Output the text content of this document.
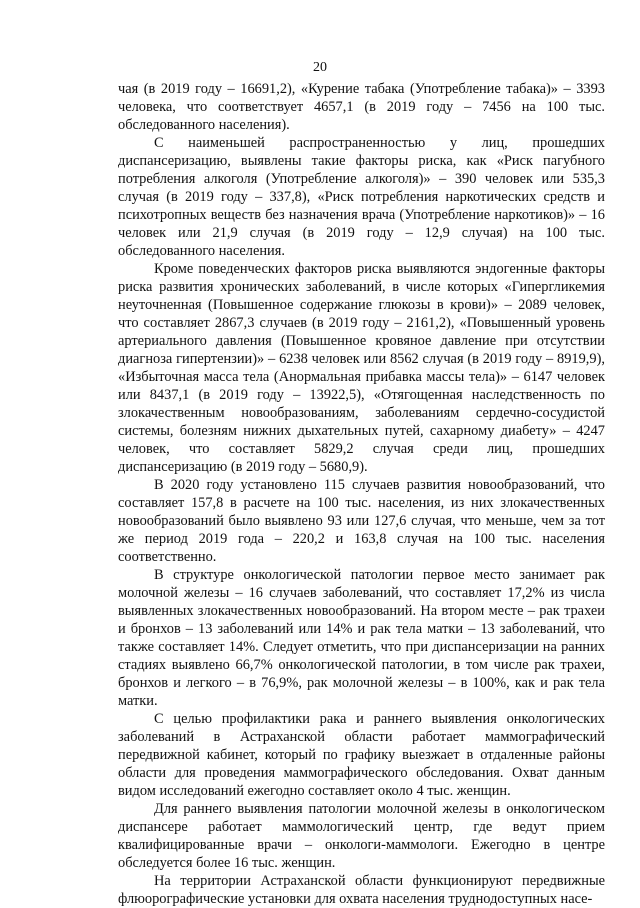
20

чая (в 2019 году – 16691,2), «Курение табака (Употребление табака)» – 3393 человека, что соответствует 4657,1 (в 2019 году – 7456 на 100 тыс. обследованного населения).

С наименьшей распространенностью у лиц, прошедших диспансеризацию, выявлены такие факторы риска, как «Риск пагубного потребления алкоголя (Употребление алкоголя)» – 390 человек или 535,3 случая (в 2019 году – 337,8), «Риск потребления наркотических средств и психотропных веществ без назначения врача (Употребление наркотиков)» – 16 человек или 21,9 случая (в 2019 году – 12,9 случая) на 100 тыс. обследованного населения.

Кроме поведенческих факторов риска выявляются эндогенные факторы риска развития хронических заболеваний, в числе которых «Гипергликемия неуточненная (Повышенное содержание глюкозы в крови)» – 2089 человек, что составляет 2867,3 случаев (в 2019 году – 2161,2), «Повышенный уровень артериального давления (Повышенное кровяное давление при отсутствии диагноза гипертензии)» – 6238 человек или 8562 случая (в 2019 году – 8919,9), «Избыточная масса тела (Анормальная прибавка массы тела)» – 6147 человек или 8437,1 (в 2019 году – 13922,5), «Отягощенная наследственность по злокачественным новообразованиям, заболеваниям сердечно-сосудистой системы, болезням нижних дыхательных путей, сахарному диабету» – 4247 человек, что составляет 5829,2 случая среди лиц, прошедших диспансеризацию (в 2019 году – 5680,9).

В 2020 году установлено 115 случаев развития новообразований, что составляет 157,8 в расчете на 100 тыс. населения, из них злокачественных новообразований было выявлено 93 или 127,6 случая, что меньше, чем за тот же период 2019 года – 220,2 и 163,8 случая на 100 тыс. населения соответственно.

В структуре онкологической патологии первое место занимает рак молочной железы – 16 случаев заболеваний, что составляет 17,2% из числа выявленных злокачественных новообразований. На втором месте – рак трахеи и бронхов – 13 заболеваний или 14% и рак тела матки – 13 заболеваний, что также составляет 14%. Следует отметить, что при диспансеризации на ранних стадиях выявлено 66,7% онкологической патологии, в том числе рак трахеи, бронхов и легкого – в 76,9%, рак молочной железы – в 100%, как и рак тела матки.

С целью профилактики рака и раннего выявления онкологических заболеваний в Астраханской области работает маммографический передвижной кабинет, который по графику выезжает в отдаленные районы области для проведения маммографического обследования. Охват данным видом исследований ежегодно составляет около 4 тыс. женщин.

Для раннего выявления патологии молочной железы в онкологическом диспансере работает маммологический центр, где ведут прием квалифицированные врачи – онкологи-маммологи. Ежегодно в центре обследуется более 16 тыс. женщин.

На территории Астраханской области функционируют передвижные флюорографические установки для охвата населения труднодоступных насе-
